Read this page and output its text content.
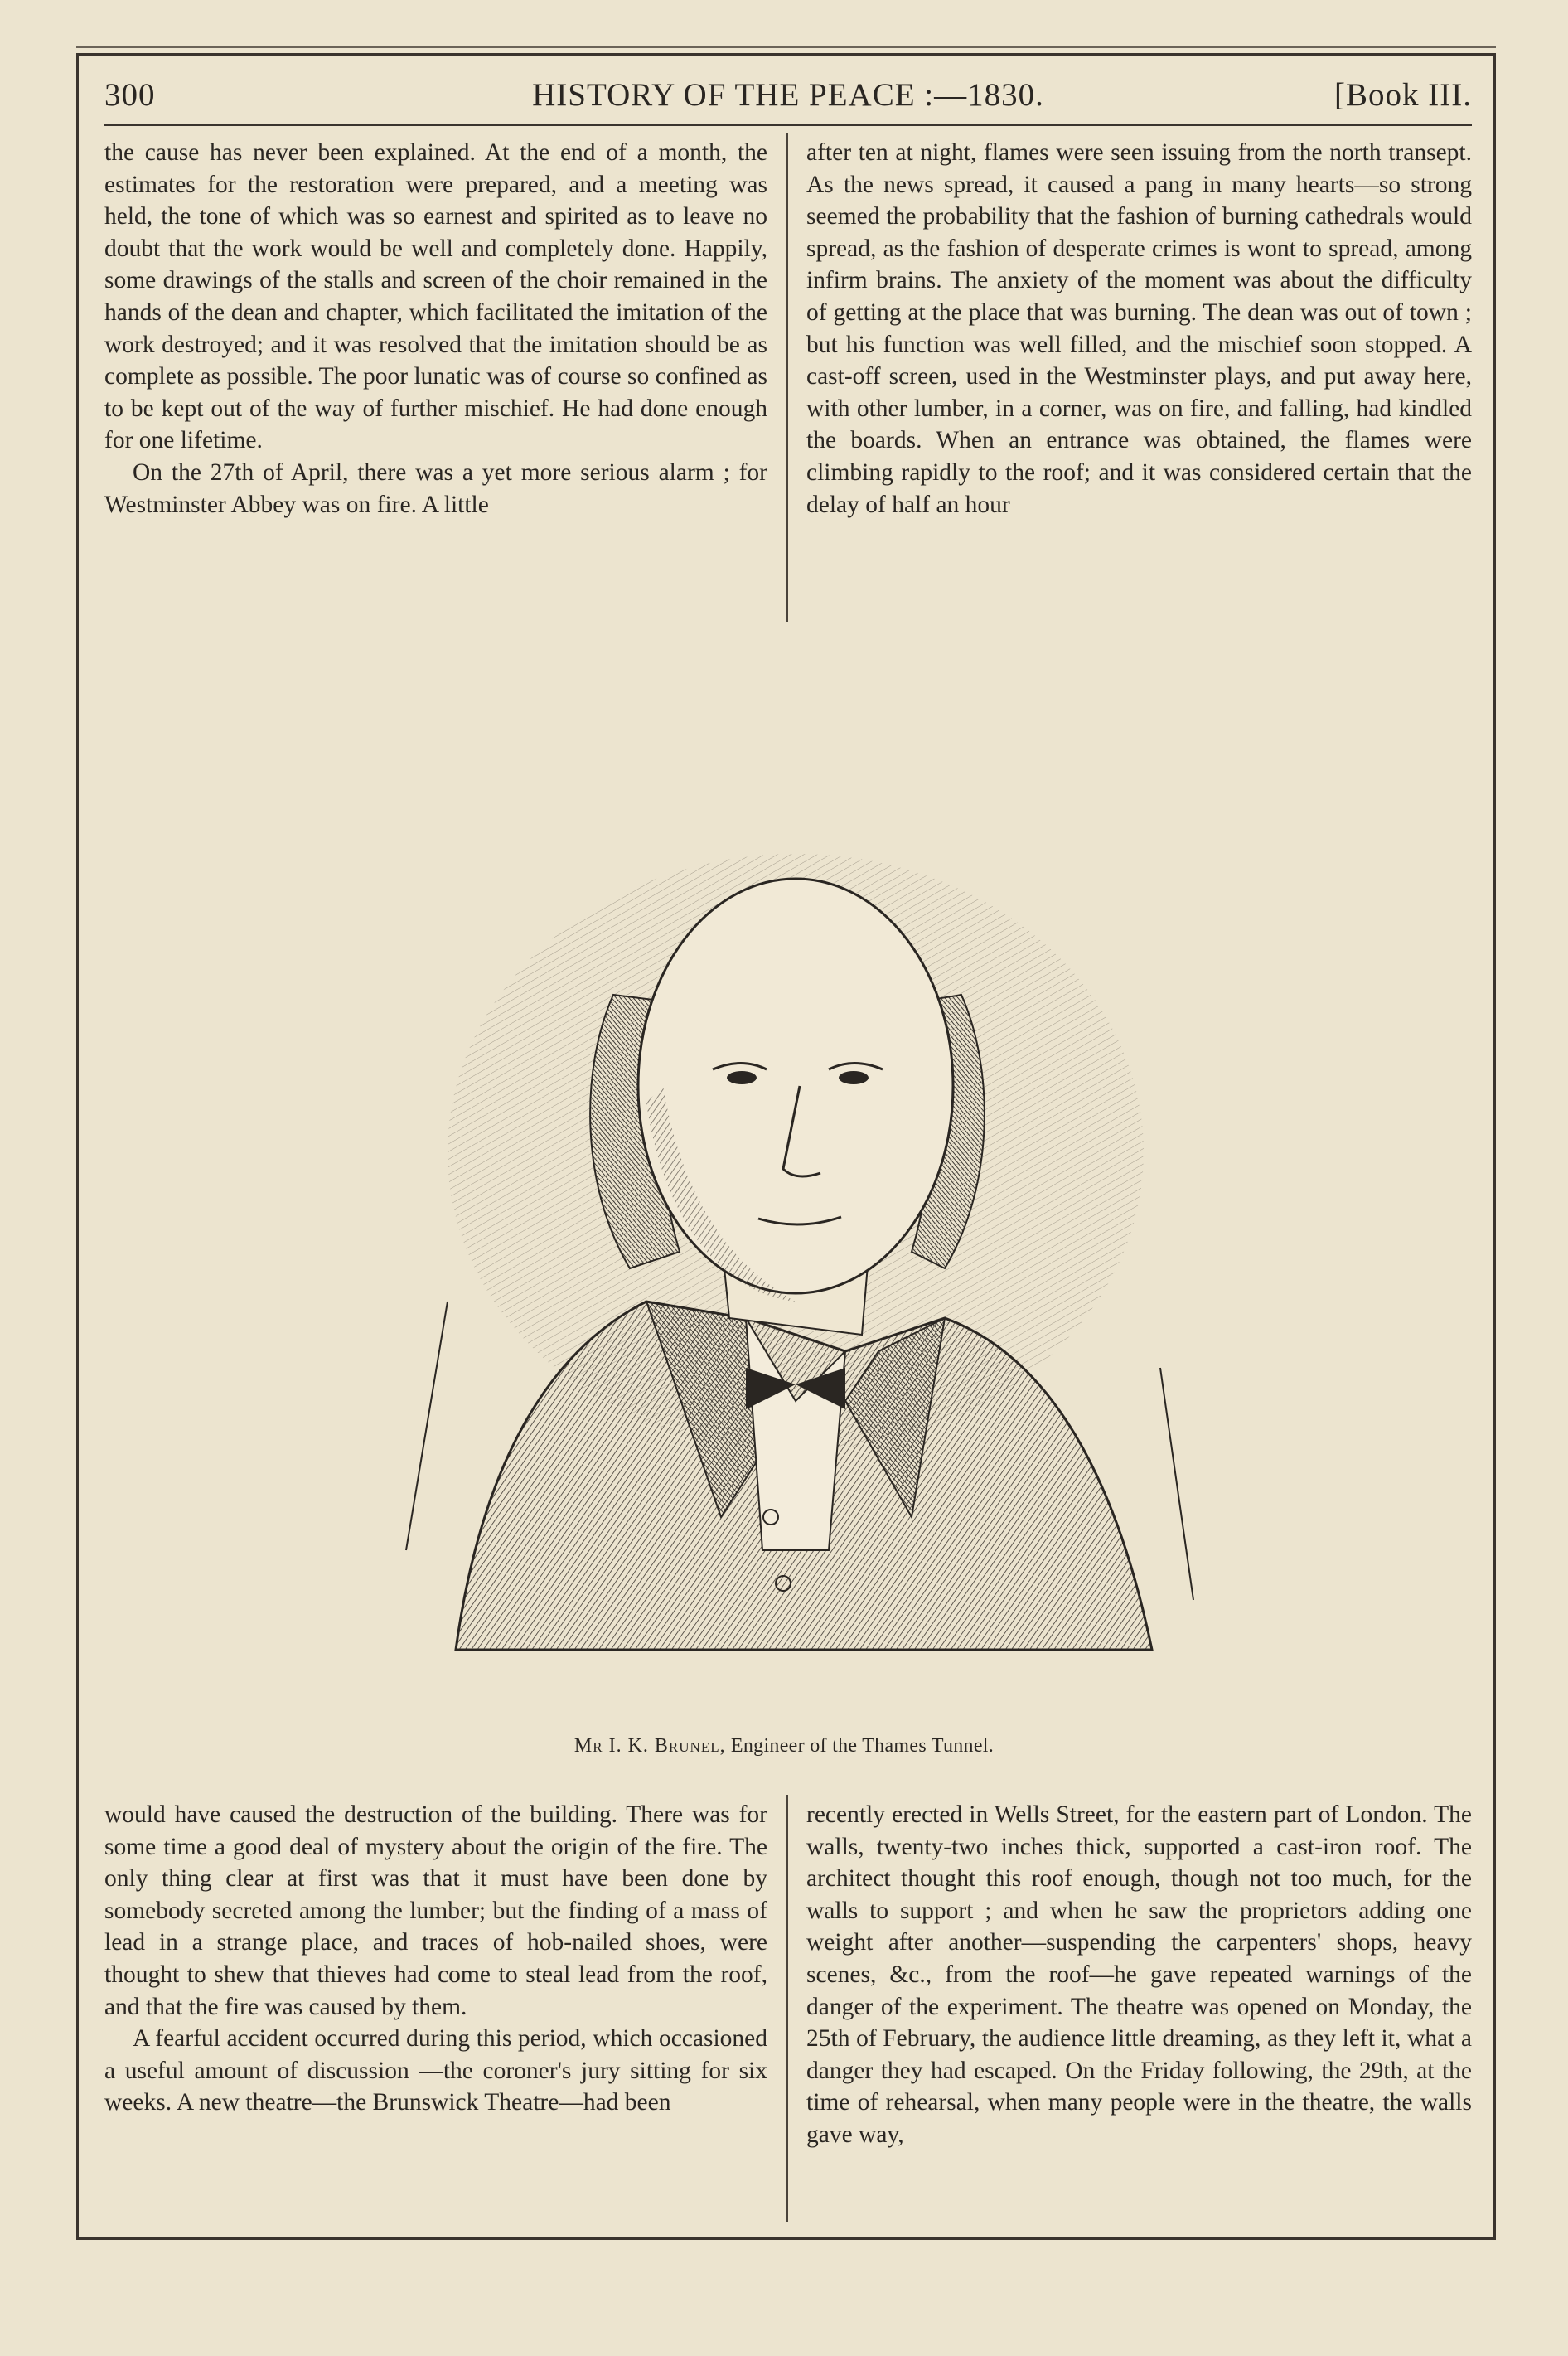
300	HISTORY OF THE PEACE :—1830.	[Book III.

the cause has never been explained. At the end of a month, the estimates for the restoration were prepared, and a meeting was held, the tone of which was so earnest and spirited as to leave no doubt that the work would be well and completely done. Happily, some drawings of the stalls and screen of the choir remained in the hands of the dean and chapter, which facilitated the imitation of the work destroyed; and it was resolved that the imitation should be as complete as possible. The poor lunatic was of course so confined as to be kept out of the way of further mischief. He had done enough for one lifetime.

On the 27th of April, there was a yet more serious alarm ; for Westminster Abbey was on fire. A little

after ten at night, flames were seen issuing from the north transept. As the news spread, it caused a pang in many hearts—so strong seemed the probability that the fashion of burning cathedrals would spread, as the fashion of desperate crimes is wont to spread, among infirm brains. The anxiety of the moment was about the difficulty of getting at the place that was burning. The dean was out of town ; but his function was well filled, and the mischief soon stopped. A cast-off screen, used in the Westminster plays, and put away here, with other lumber, in a corner, was on fire, and falling, had kindled the boards. When an entrance was obtained, the flames were climbing rapidly to the roof; and it was considered certain that the delay of half an hour

Mr I. K. Brunel, Engineer of the Thames Tunnel.

would have caused the destruction of the building. There was for some time a good deal of mystery about the origin of the fire. The only thing clear at first was that it must have been done by somebody secreted among the lumber; but the finding of a mass of lead in a strange place, and traces of hob-nailed shoes, were thought to shew that thieves had come to steal lead from the roof, and that the fire was caused by them.

A fearful accident occurred during this period, which occasioned a useful amount of discussion —the coroner's jury sitting for six weeks. A new theatre—the Brunswick Theatre—had been

recently erected in Wells Street, for the eastern part of London. The walls, twenty-two inches thick, supported a cast-iron roof. The architect thought this roof enough, though not too much, for the walls to support ; and when he saw the proprietors adding one weight after another—suspending the carpenters' shops, heavy scenes, &c., from the roof—he gave repeated warnings of the danger of the experiment. The theatre was opened on Monday, the 25th of February, the audience little dreaming, as they left it, what a danger they had escaped. On the Friday following, the 29th, at the time of rehearsal, when many people were in the theatre, the walls gave way,
